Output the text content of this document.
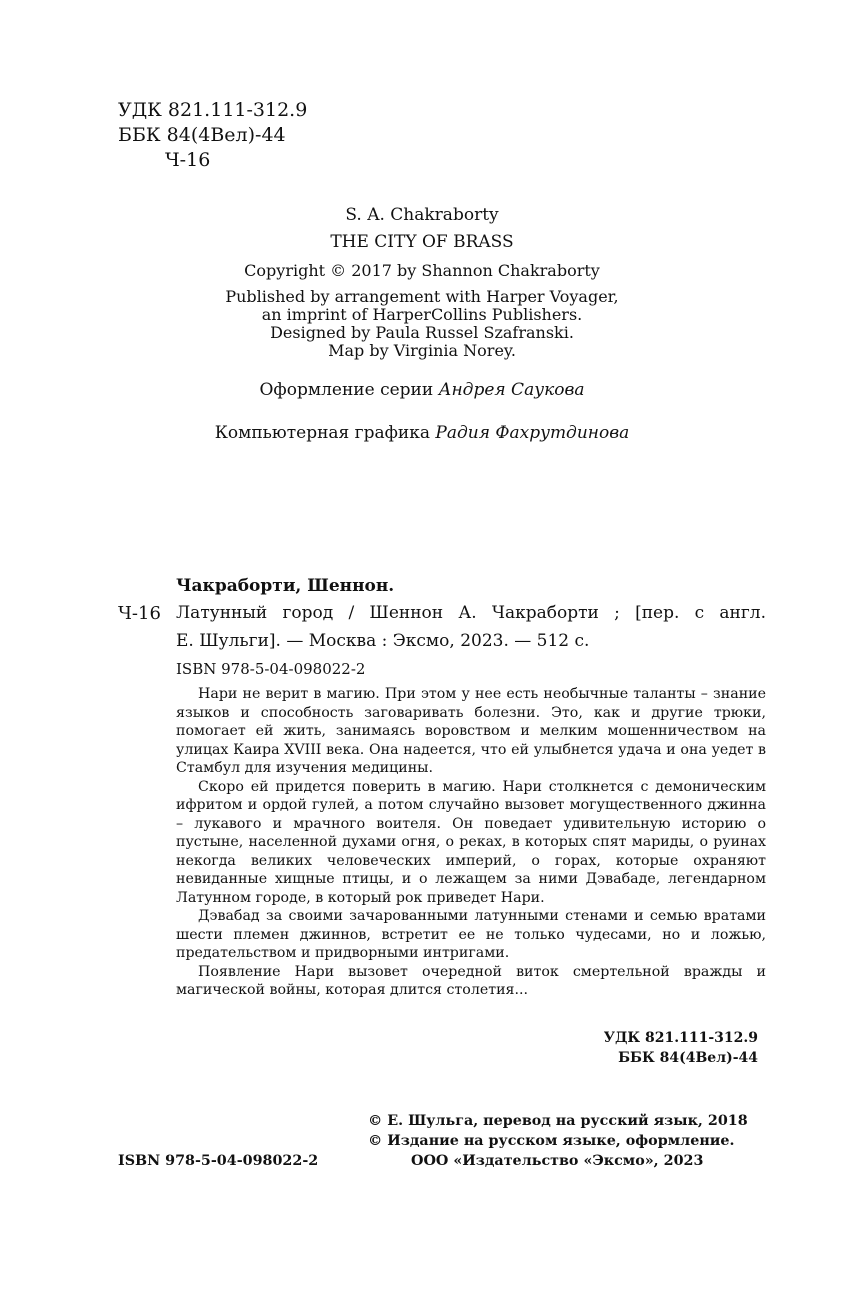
УДК 821.111-312.9
ББК 84(4Вел)-44
Ч-16
S. A. Chakraborty
THE CITY OF BRASS
Copyright © 2017 by Shannon Chakraborty
Published by arrangement with Harper Voyager,
an imprint of HarperCollins Publishers.
Designed by Paula Russel Szafranski.
Map by Virginia Norey.
Оформление серии Андрея Саукова
Компьютерная графика Радия Фахрутдинова
Чакраборти, Шеннон.
Ч-16 Латунный город / Шеннон А. Чакраборти ; [пер. с англ.
Е. Шульги]. — Москва : Эксмо, 2023. — 512 с.
ISBN 978-5-04-098022-2

Нари не верит в магию. При этом у нее есть необычные таланты – знание языков и способность заговаривать болезни. Это, как и другие трюки, помогает ей жить, занимаясь воровством и мелким мошенничеством на улицах Каира XVIII века. Она надеется, что ей улыбнется удача и она уедет в Стамбул для изучения медицины.

Скоро ей придется поверить в магию. Нари столкнется с демоническим ифритом и ордой гулей, а потом случайно вызовет могущественного джинна – лукавого и мрачного воителя. Он поведает удивительную историю о пустыне, населенной духами огня, о реках, в которых спят мариды, о руинах некогда великих человеческих империй, о горах, которые охраняют невиданные хищные птицы, и о лежащем за ними Дэвабаде, легендарном Латунном городе, в который рок приведет Нари.

Дэвабад за своими зачарованными латунными стенами и семью вратами шести племен джиннов, встретит ее не только чудесами, но и ложью, предательством и придворными интригами.

Появление Нари вызовет очередной виток смертельной вражды и магической войны, которая длится столетия...

УДК 821.111-312.9
ББК 84(4Вел)-44
© Е. Шульга, перевод на русский язык, 2018
© Издание на русском языке, оформление.
ООО «Издательство «Эксмо», 2023
ISBN 978-5-04-098022-2
